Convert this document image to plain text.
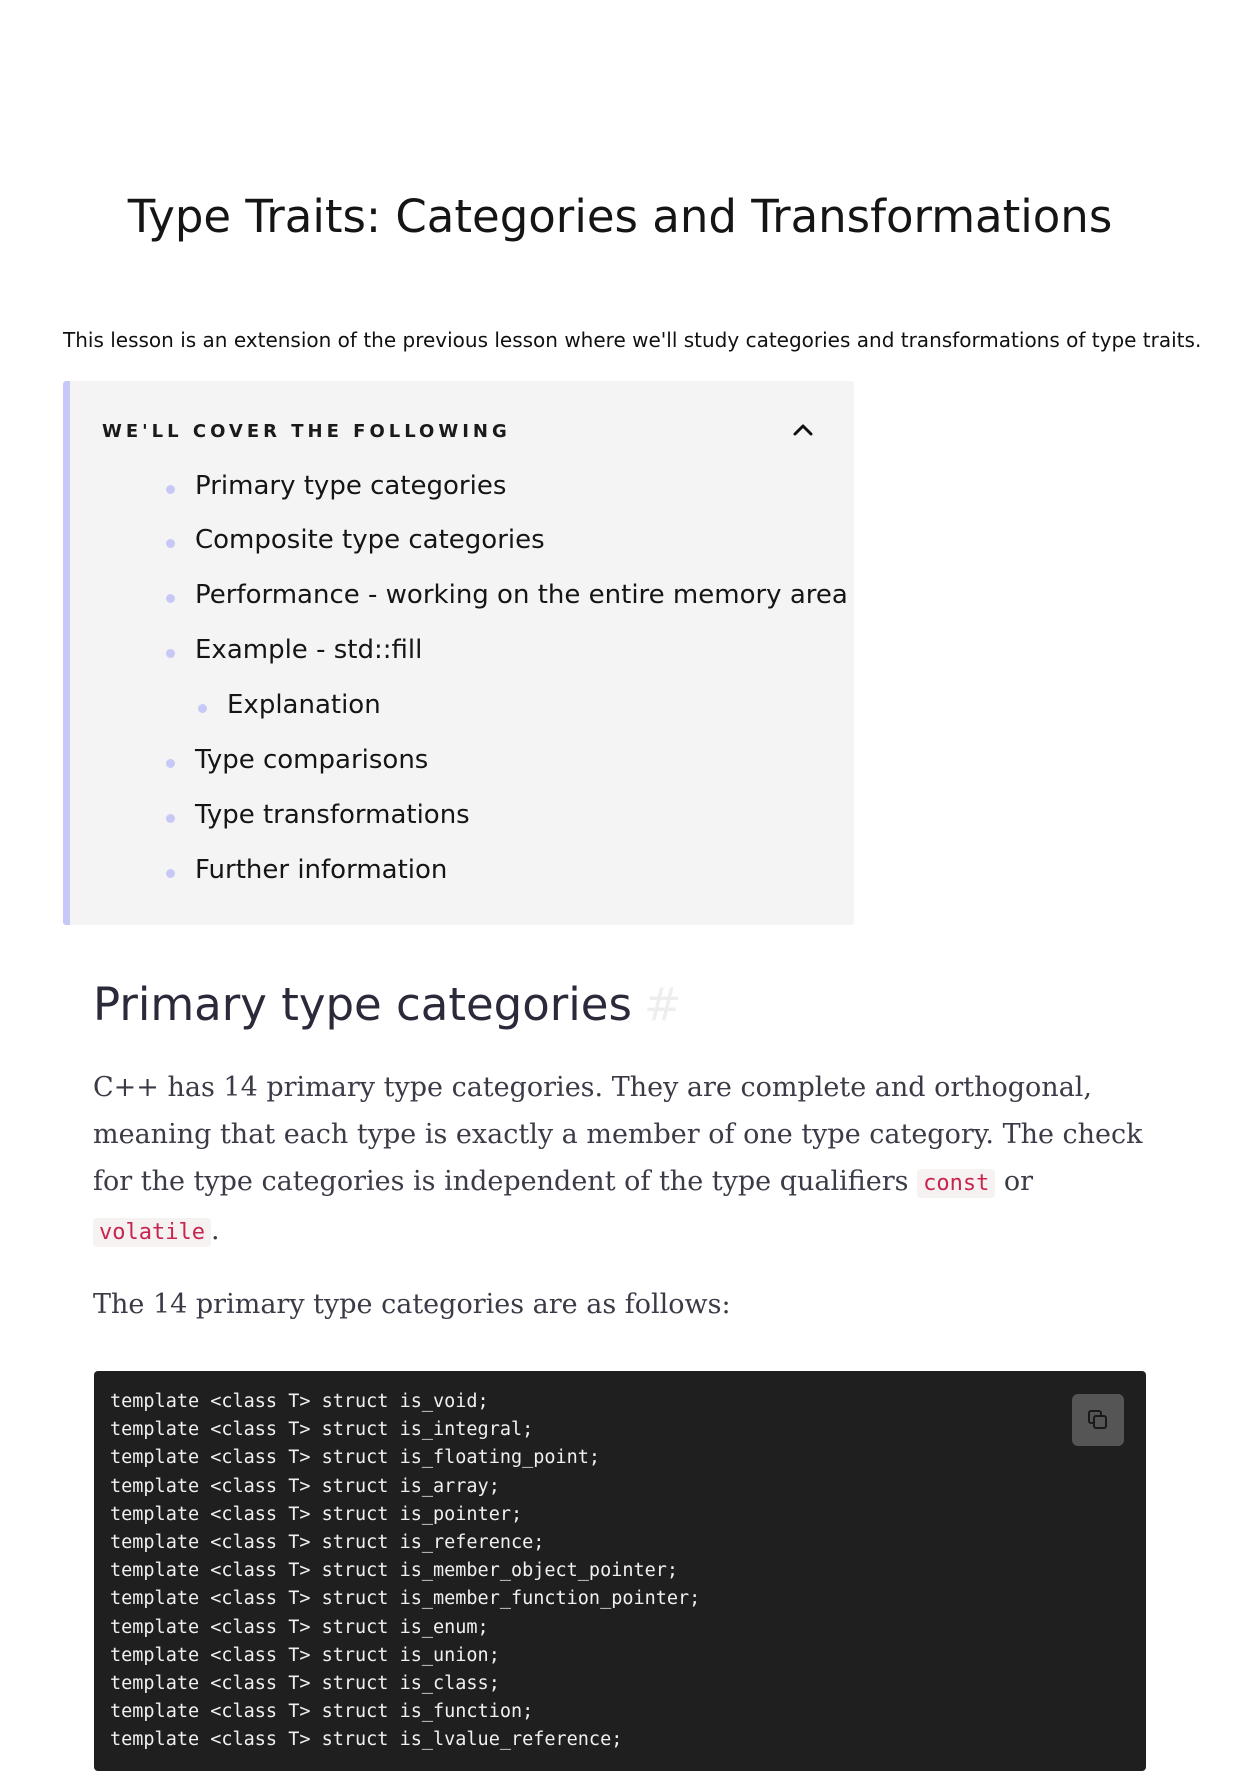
Type Traits: Categories and Transformations

This lesson is an extension of the previous lesson where we'll study categories and transformations of type traits.

WE'LL COVER THE FOLLOWING
Primary type categories
Composite type categories
Performance - working on the entire memory area
Example - std::fill
Explanation
Type comparisons
Type transformations
Further information
Primary type categories #

C++ has 14 primary type categories. They are complete and orthogonal, meaning that each type is exactly a member of one type category. The check for the type categories is independent of the type qualifiers const or
volatile .

The 14 primary type categories are as follows:

template <class T> struct is_void;
template <class T> struct is_integral;
template <class T> struct is_floating_point;
template <class T> struct is_array;
template <class T> struct is_pointer;
template <class T> struct is_reference;
template <class T> struct is_member_object_pointer;
template <class T> struct is_member_function_pointer;
template <class T> struct is_enum;
template <class T> struct is_union;
template <class T> struct is_class;
template <class T> struct is_function;
template <class T> struct is_lvalue_reference;
